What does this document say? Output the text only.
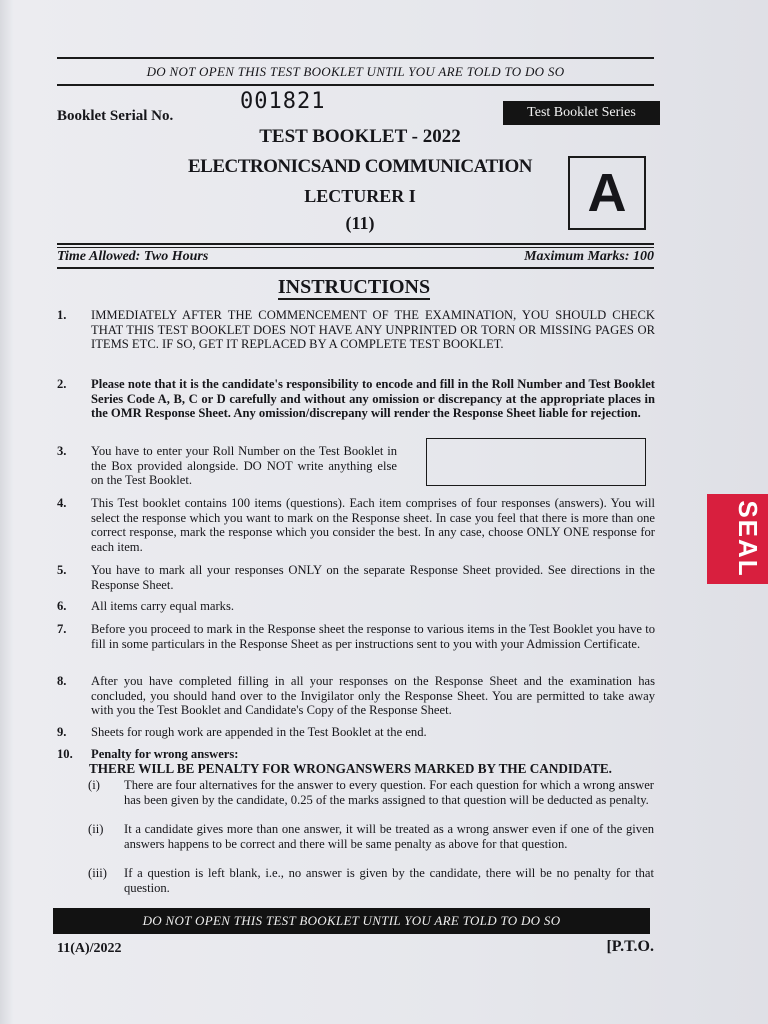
DO NOT OPEN THIS TEST BOOKLET UNTIL YOU ARE TOLD TO DO SO
Booklet Serial No.
001821	Test Booklet Series
TEST BOOKLET - 2022
ELECTRONICSAND COMMUNICATION
LECTURER I
(11)	A
Time Allowed: Two Hours	Maximum Marks: 100
INSTRUCTIONS
1. IMMEDIATELY AFTER THE COMMENCEMENT OF THE EXAMINATION, YOU SHOULD CHECK THAT THIS TEST BOOKLET DOES NOT HAVE ANY UNPRINTED OR TORN OR MISSING PAGES OR ITEMS ETC. IF SO, GET IT REPLACED BY A COMPLETE TEST BOOKLET.
2. Please note that it is the candidate's responsibility to encode and fill in the Roll Number and Test Booklet Series Code A, B, C or D carefully and without any omission or discrepancy at the appropriate places in the OMR Response Sheet. Any omission/discrepany will render the Response Sheet liable for rejection.
3. You have to enter your Roll Number on the Test Booklet in the Box provided alongside. DO NOT write anything else on the Test Booklet.
4. This Test booklet contains 100 items (questions). Each item comprises of four responses (answers). You will select the response which you want to mark on the Response sheet. In case you feel that there is more than one correct response, mark the response which you consider the best. In any case, choose ONLY ONE response for each item.
5. You have to mark all your responses ONLY on the separate Response Sheet provided. See directions in the Response Sheet.
6. All items carry equal marks.
7. Before you proceed to mark in the Response sheet the response to various items in the Test Booklet you have to fill in some particulars in the Response Sheet as per instructions sent to you with your Admission Certificate.
8. After you have completed filling in all your responses on the Response Sheet and the examination has concluded, you should hand over to the Invigilator only the Response Sheet. You are permitted to take away with you the Test Booklet and Candidate's Copy of the Response Sheet.
9. Sheets for rough work are appended in the Test Booklet at the end.
10. Penalty for wrong answers:
THERE WILL BE PENALTY FOR WRONGANSWERS MARKED BY THE CANDIDATE.
(i) There are four alternatives for the answer to every question. For each question for which a wrong answer has been given by the candidate, 0.25 of the marks assigned to that question will be deducted as penalty.
(ii) It a candidate gives more than one answer, it will be treated as a wrong answer even if one of the given answers happens to be correct and there will be same penalty as above for that question.
(iii) If a question is left blank, i.e., no answer is given by the candidate, there will be no penalty for that question.
DO NOT OPEN THIS TEST BOOKLET UNTIL YOU ARE TOLD TO DO SO
11(A)/2022	[P.T.O.
SEAL
